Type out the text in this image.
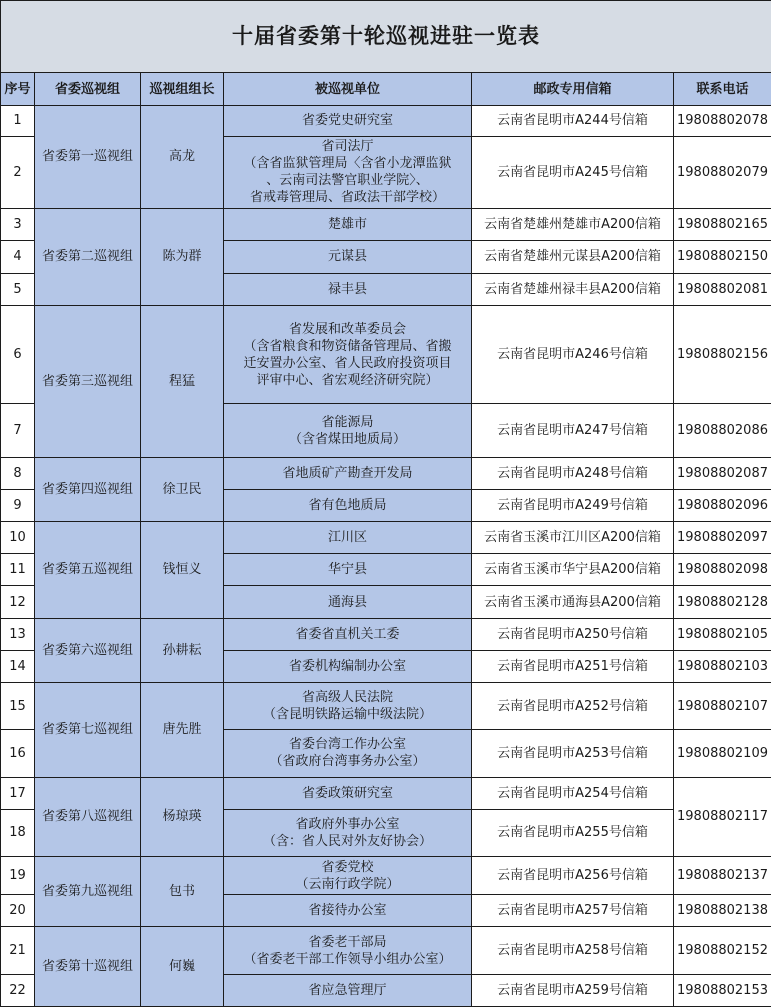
十届省委第十轮巡视进驻一览表					
序号	省委巡视组	巡视组组长	被巡视单位	邮政专用信箱	联系电话
1	省委第一巡视组	高龙	省委党史研究室	云南省昆明市A244号信箱	19808802078
2			省司法厅
（含省监狱管理局〈含省小龙潭监狱
、云南司法警官职业学院〉、
省戒毒管理局、省政法干部学校）	云南省昆明市A245号信箱	19808802079
3	省委第二巡视组	陈为群	楚雄市	云南省楚雄州楚雄市A200信箱	19808802165
4			元谋县	云南省楚雄州元谋县A200信箱	19808802150
5			禄丰县	云南省楚雄州禄丰县A200信箱	19808802081
6	省委第三巡视组	程猛	省发展和改革委员会
（含省粮食和物资储备管理局、省搬
迁安置办公室、省人民政府投资项目
评审中心、省宏观经济研究院）	云南省昆明市A246号信箱	19808802156
7			省能源局
（含省煤田地质局）	云南省昆明市A247号信箱	19808802086
8	省委第四巡视组	徐卫民	省地质矿产勘查开发局	云南省昆明市A248号信箱	19808802087
9			省有色地质局	云南省昆明市A249号信箱	19808802096
10	省委第五巡视组	钱恒义	江川区	云南省玉溪市江川区A200信箱	19808802097
11			华宁县	云南省玉溪市华宁县A200信箱	19808802098
12			通海县	云南省玉溪市通海县A200信箱	19808802128
13	省委第六巡视组	孙耕耘	省委省直机关工委	云南省昆明市A250号信箱	19808802105
14			省委机构编制办公室	云南省昆明市A251号信箱	19808802103
15	省委第七巡视组	唐先胜	省高级人民法院
（含昆明铁路运输中级法院）	云南省昆明市A252号信箱	19808802107
16			省委台湾工作办公室
（省政府台湾事务办公室）	云南省昆明市A253号信箱	19808802109
17	省委第八巡视组	杨琼瑛	省委政策研究室	云南省昆明市A254号信箱	19808802117
18			省政府外事办公室
（含：省人民对外友好协会）	云南省昆明市A255号信箱	
19	省委第九巡视组	包书	省委党校
（云南行政学院）	云南省昆明市A256号信箱	19808802137
20			省接待办公室	云南省昆明市A257号信箱	19808802138
21	省委第十巡视组	何巍	省委老干部局
（省委老干部工作领导小组办公室）	云南省昆明市A258号信箱	19808802152
22			省应急管理厅	云南省昆明市A259号信箱	19808802153
